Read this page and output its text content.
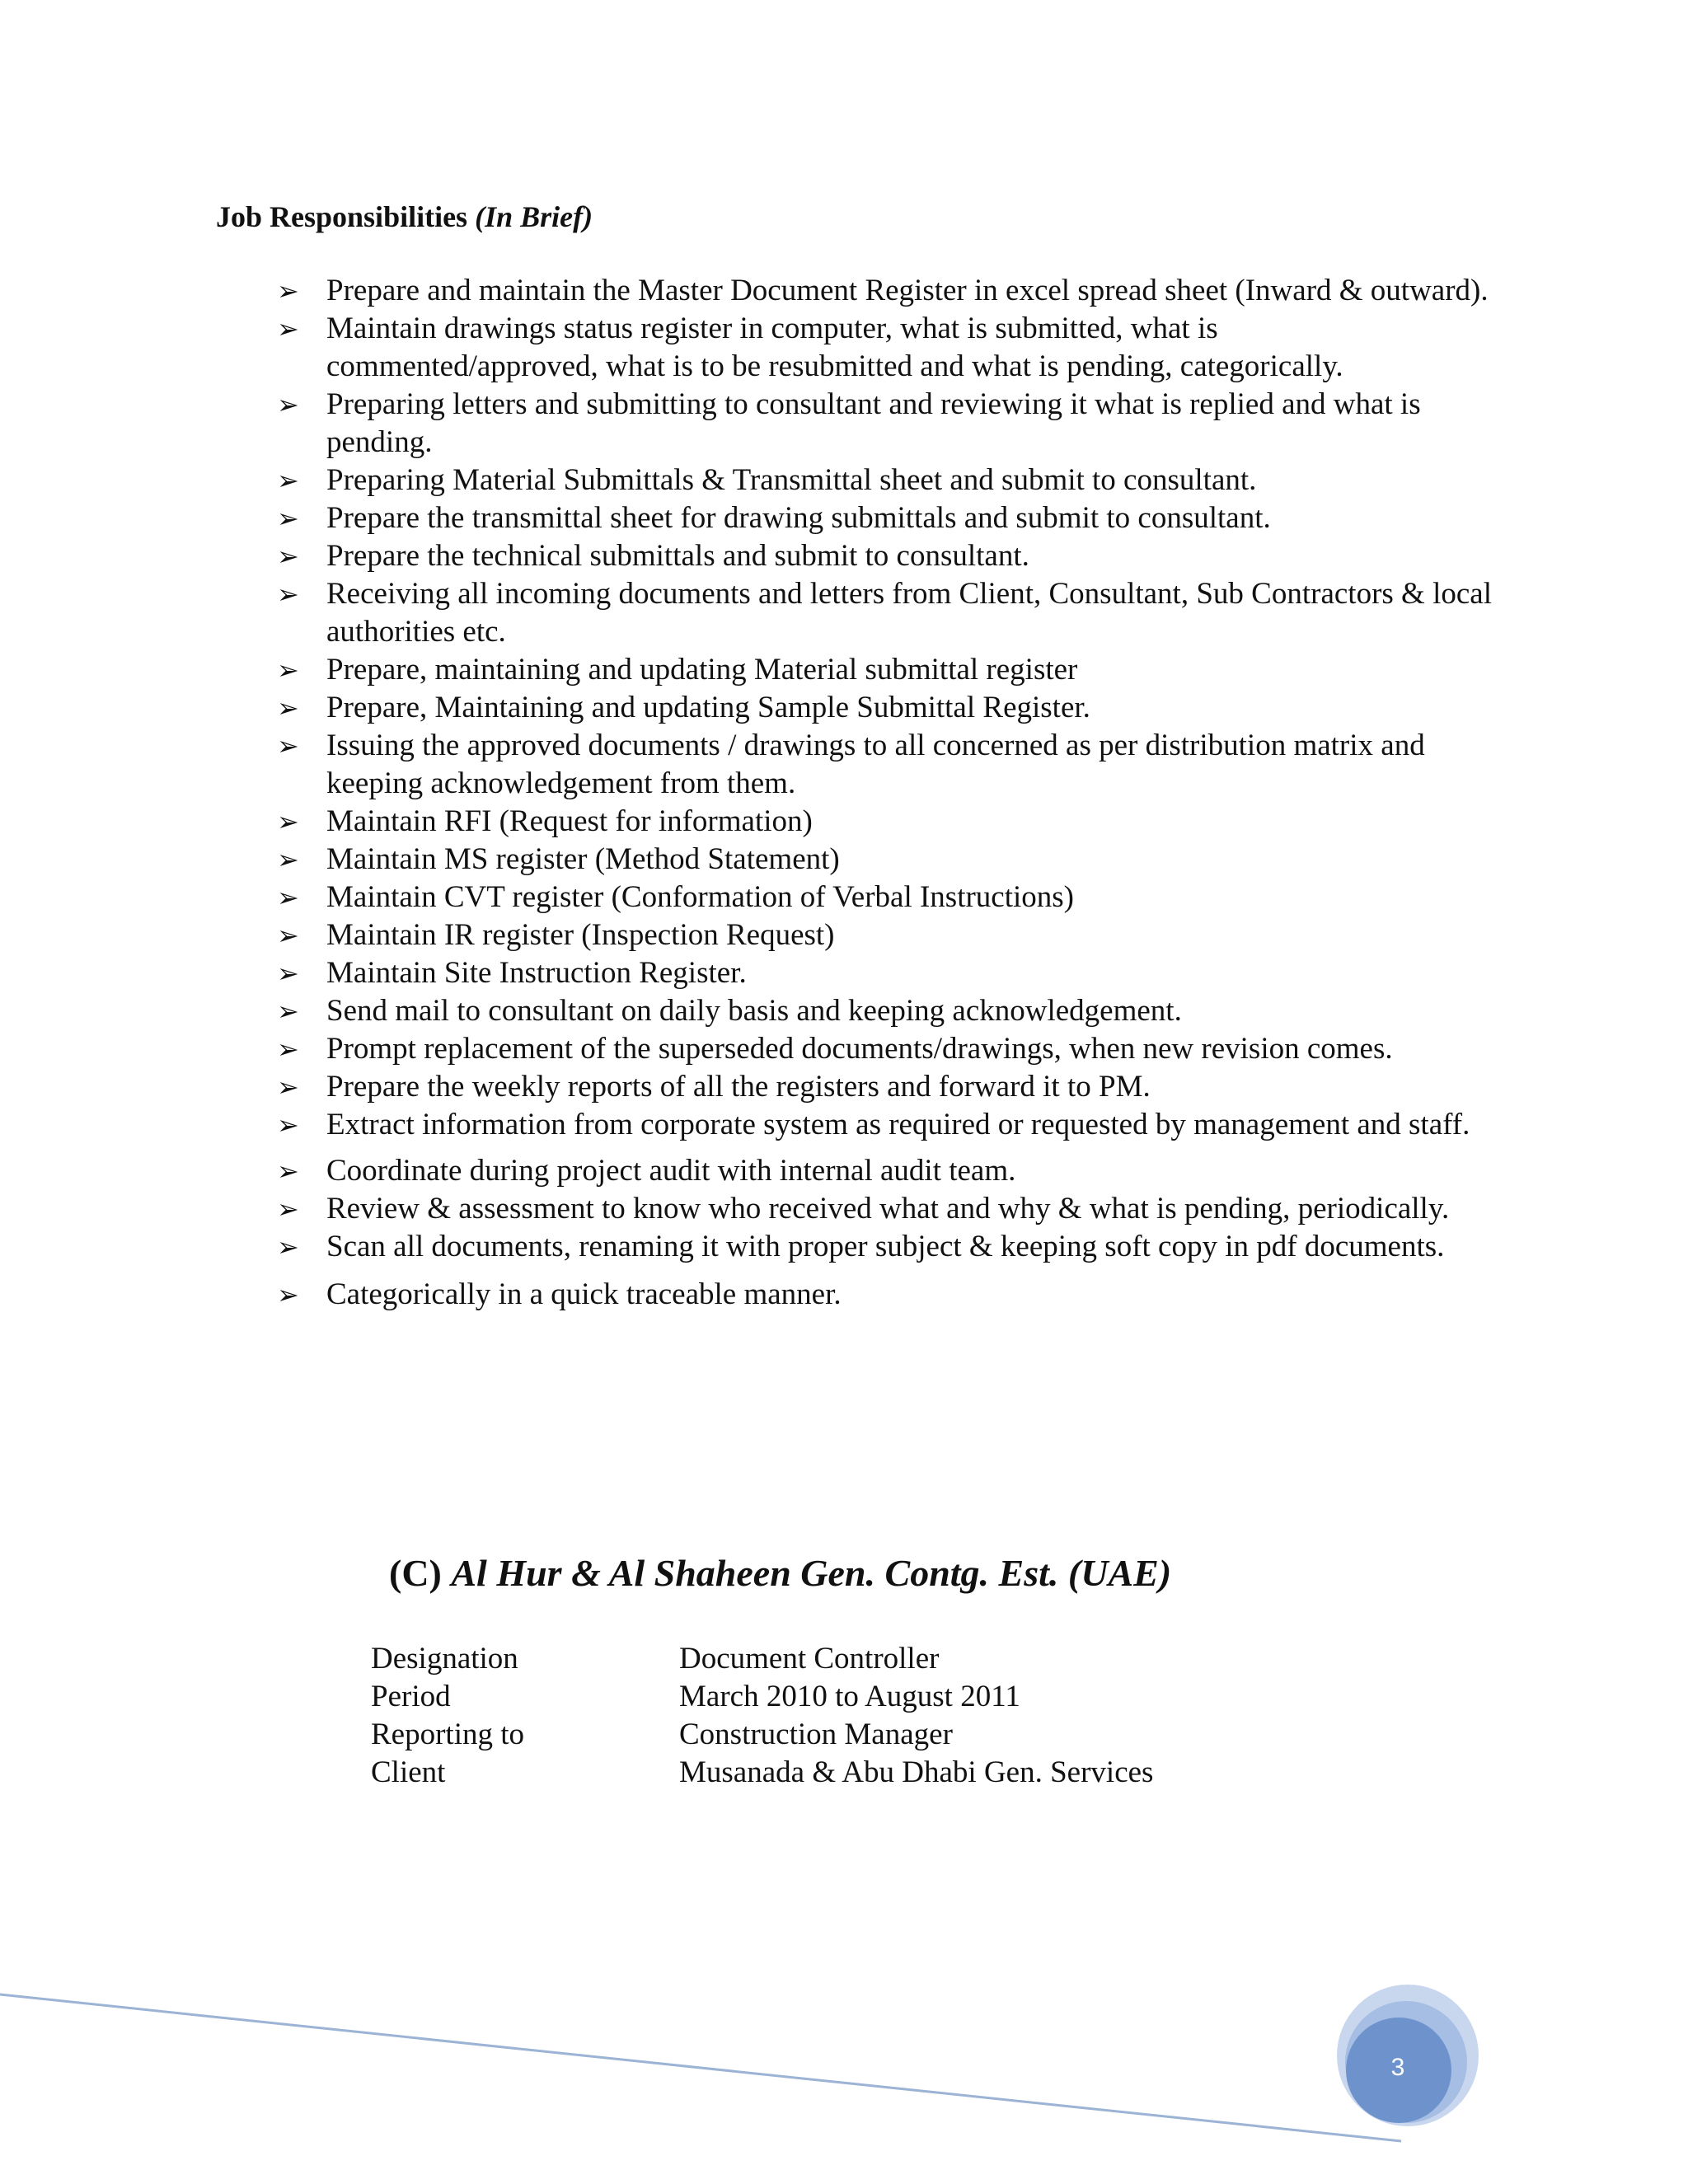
Job Responsibilities (In Brief)
➢ Prepare and maintain the Master Document Register in excel spread sheet (Inward & outward).
➢ Maintain drawings status register in computer, what is submitted, what is commented/approved, what is to be resubmitted and what is pending, categorically.
➢ Preparing letters and submitting to consultant and reviewing it what is replied and what is pending.
➢ Preparing Material Submittals & Transmittal sheet and submit to consultant.
➢ Prepare the transmittal sheet for drawing submittals and submit to consultant.
➢ Prepare the technical submittals and submit to consultant.
➢ Receiving all incoming documents and letters from Client, Consultant, Sub Contractors & local authorities etc.
➢ Prepare, maintaining and updating Material submittal register
➢ Prepare, Maintaining and updating Sample Submittal Register.
➢ Issuing the approved documents / drawings to all concerned as per distribution matrix and keeping acknowledgement from them.
➢ Maintain RFI (Request for information)
➢ Maintain MS register (Method Statement)
➢ Maintain CVT register (Conformation of Verbal Instructions)
➢ Maintain IR register (Inspection Request)
➢ Maintain Site Instruction Register.
➢ Send mail to consultant on daily basis and keeping acknowledgement.
➢ Prompt replacement of the superseded documents/drawings, when new revision comes.
➢ Prepare the weekly reports of all the registers and forward it to PM.
➢ Extract information from corporate system as required or requested by management and staff.
➢ Coordinate during project audit with internal audit team.
➢ Review & assessment to know who received what and why & what is pending, periodically.
➢ Scan all documents, renaming it with proper subject & keeping soft copy in pdf documents.
➢ Categorically in a quick traceable manner.
(C) Al Hur & Al Shaheen Gen. Contg. Est. (UAE)
Designation	Document Controller
Period	March 2010 to August 2011
Reporting to	Construction Manager
Client	Musanada & Abu Dhabi Gen. Services
3
